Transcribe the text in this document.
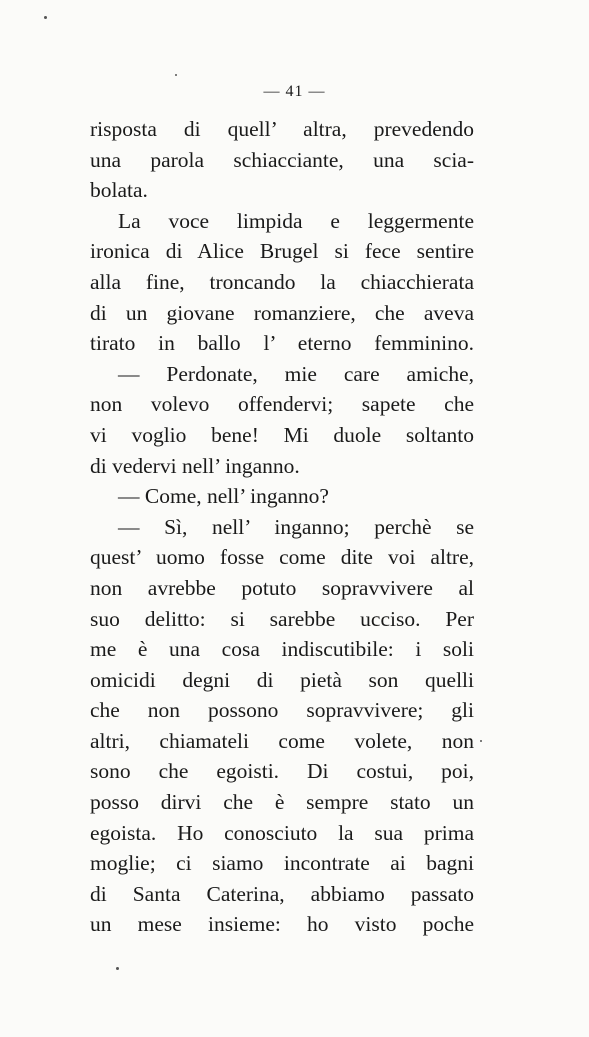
— 41 —
risposta di quell’ altra, prevedendo
una parola schiacciante, una scia-
bolata.
La voce limpida e leggermente
ironica di Alice Brugel si fece sentire
alla fine, troncando la chiacchierata
di un giovane romanziere, che aveva
tirato in ballo l’ eterno femminino.
— Perdonate, mie care amiche,
non volevo offendervi; sapete che
vi voglio bene! Mi duole soltanto
di vedervi nell’ inganno.
— Come, nell’ inganno?
— Sì, nell’ inganno; perchè se
quest’ uomo fosse come dite voi altre,
non avrebbe potuto sopravvivere al
suo delitto: si sarebbe ucciso. Per
me è una cosa indiscutibile: i soli
omicidi degni di pietà son quelli
che non possono sopravvivere; gli
altri, chiamateli come volete, non
sono che egoisti. Di costui, poi,
posso dirvi che è sempre stato un
egoista. Ho conosciuto la sua prima
moglie; ci siamo incontrate ai bagni
di Santa Caterina, abbiamo passato
un mese insieme: ho visto poche
